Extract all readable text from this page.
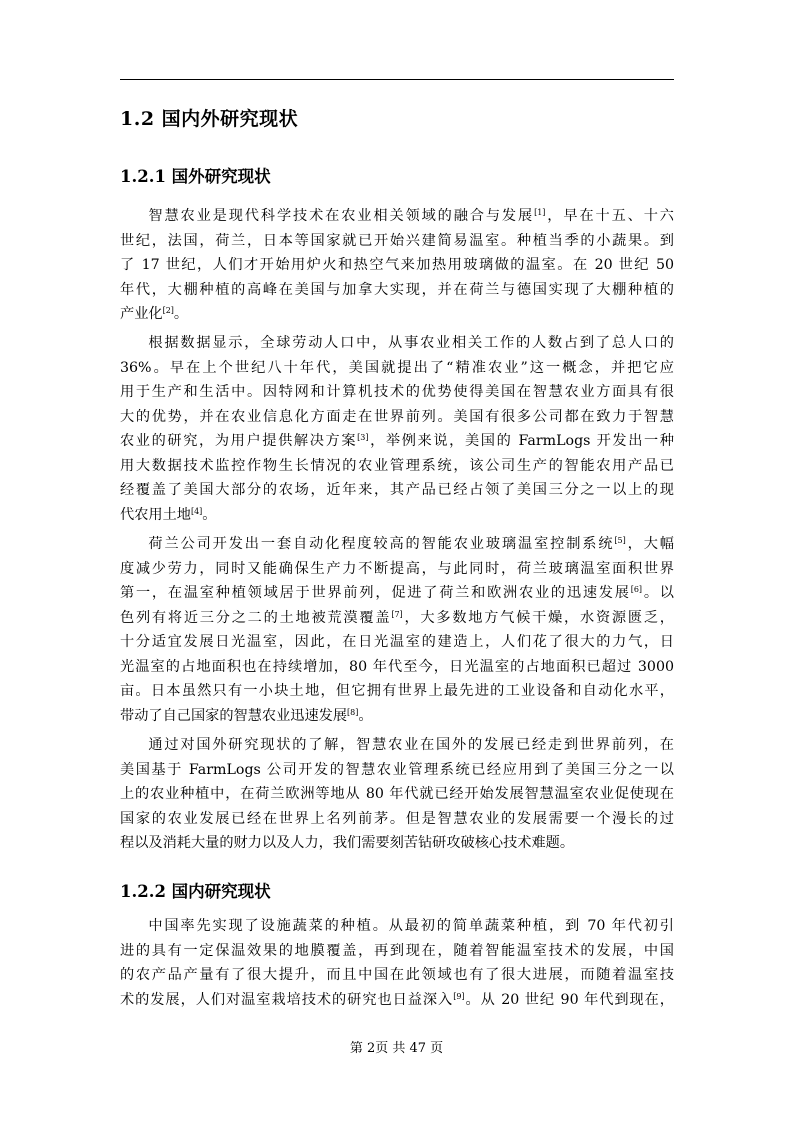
1.2 国内外研究现状
1.2.1 国外研究现状
智慧农业是现代科学技术在农业相关领域的融合与发展[1]，早在十五、十六
世纪，法国，荷兰，日本等国家就已开始兴建简易温室。种植当季的小蔬果。到
了 17 世纪，人们才开始用炉火和热空气来加热用玻璃做的温室。在 20 世纪 50
年代，大棚种植的高峰在美国与加拿大实现，并在荷兰与德国实现了大棚种植的
产业化[2]。
根据数据显示，全球劳动人口中，从事农业相关工作的人数占到了总人口的
36%。早在上个世纪八十年代，美国就提出了“精准农业”这一概念，并把它应
用于生产和生活中。因特网和计算机技术的优势使得美国在智慧农业方面具有很
大的优势，并在农业信息化方面走在世界前列。美国有很多公司都在致力于智慧
农业的研究，为用户提供解决方案[3]，举例来说，美国的 FarmLogs 开发出一种
用大数据技术监控作物生长情况的农业管理系统，该公司生产的智能农用产品已
经覆盖了美国大部分的农场，近年来，其产品已经占领了美国三分之一以上的现
代农用土地[4]。
荷兰公司开发出一套自动化程度较高的智能农业玻璃温室控制系统[5]，大幅
度减少劳力，同时又能确保生产力不断提高，与此同时，荷兰玻璃温室面积世界
第一，在温室种植领域居于世界前列，促进了荷兰和欧洲农业的迅速发展[6]。以
色列有将近三分之二的土地被荒漠覆盖[7]，大多数地方气候干燥，水资源匮乏，
十分适宜发展日光温室，因此，在日光温室的建造上，人们花了很大的力气，日
光温室的占地面积也在持续增加，80 年代至今，日光温室的占地面积已超过 3000
亩。日本虽然只有一小块土地，但它拥有世界上最先进的工业设备和自动化水平，
带动了自己国家的智慧农业迅速发展[8]。
通过对国外研究现状的了解，智慧农业在国外的发展已经走到世界前列，在
美国基于 FarmLogs 公司开发的智慧农业管理系统已经应用到了美国三分之一以
上的农业种植中，在荷兰欧洲等地从 80 年代就已经开始发展智慧温室农业促使现在
国家的农业发展已经在世界上名列前茅。但是智慧农业的发展需要一个漫长的过
程以及消耗大量的财力以及人力，我们需要刻苦钻研攻破核心技术难题。
1.2.2 国内研究现状
中国率先实现了设施蔬菜的种植。从最初的简单蔬菜种植，到 70 年代初引
进的具有一定保温效果的地膜覆盖，再到现在，随着智能温室技术的发展，中国
的农产品产量有了很大提升，而且中国在此领域也有了很大进展，而随着温室技
术的发展，人们对温室栽培技术的研究也日益深入[9]。从 20 世纪 90 年代到现在，
第 2页 共 47 页
